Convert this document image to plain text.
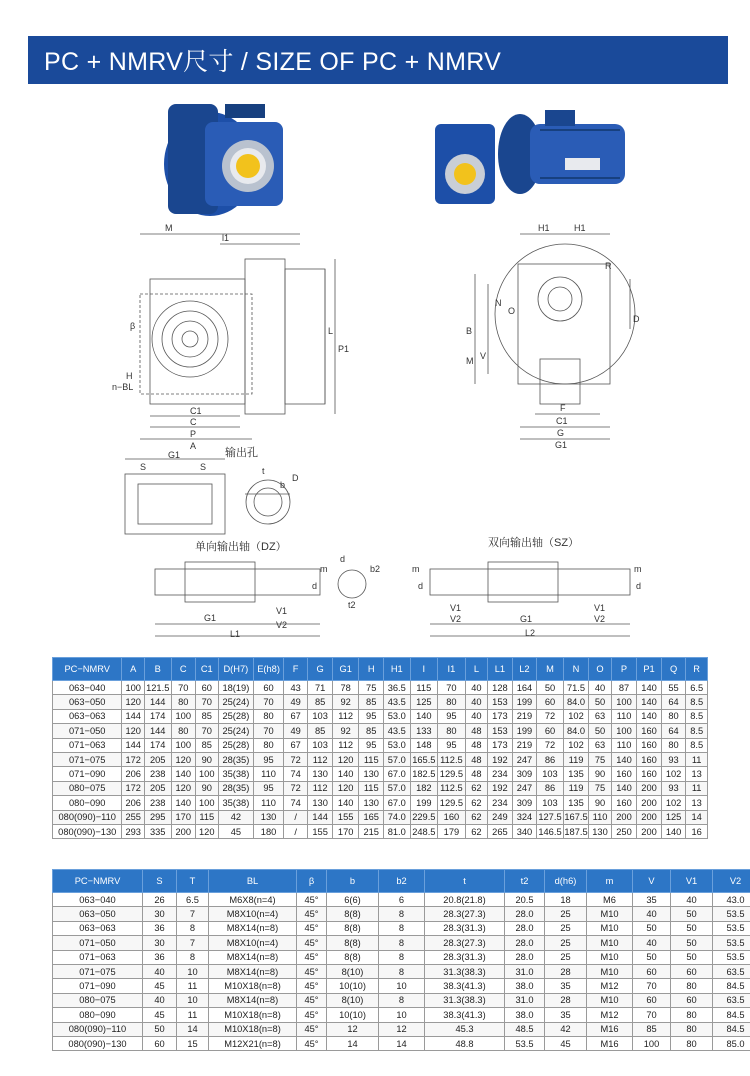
PC + NMRV尺寸 / SIZE OF PC + NMRV
M
l1
C1
C
P
A
L
P1
H
n−BL
β
H1	H1
R
N
O
B
M V
D
F
C1
G
G1
输出孔
G1
S	S	t
b
D
单向输出轴（DZ）
G1
V1
V2
L1
m
d
d
t2
b2
双向输出轴（SZ）
V1
V2	G1
V1
V2
L2
m	m
d	d
PC−NMRV	A	B	C	C1	D(H7)	E(h8)	F	G	G1	H	H1	I	I1	L	L1	L2	M	N	O	P	P1	Q	R
063−040	100	121.5	70	60	18(19)	60	43	71	78	75	36.5	115	70	40	128	164	50	71.5	40	87	140	55	6.5
063−050	120	144	80	70	25(24)	70	49	85	92	85	43.5	125	80	40	153	199	60	84.0	50	100	140	64	8.5
063−063	144	174	100	85	25(28)	80	67	103	112	95	53.0	140	95	40	173	219	72	102	63	110	140	80	8.5
071−050	120	144	80	70	25(24)	70	49	85	92	85	43.5	133	80	48	153	199	60	84.0	50	100	160	64	8.5
071−063	144	174	100	85	25(28)	80	67	103	112	95	53.0	148	95	48	173	219	72	102	63	110	160	80	8.5
071−075	172	205	120	90	28(35)	95	72	112	120	115	57.0	165.5	112.5	48	192	247	86	119	75	140	160	93	11
071−090	206	238	140	100	35(38)	110	74	130	140	130	67.0	182.5	129.5	48	234	309	103	135	90	160	160	102	13
080−075	172	205	120	90	28(35)	95	72	112	120	115	57.0	182	112.5	62	192	247	86	119	75	140	200	93	11
080−090	206	238	140	100	35(38)	110	74	130	140	130	67.0	199	129.5	62	234	309	103	135	90	160	200	102	13
080(090)−110	255	295	170	115	42	130	/	144	155	165	74.0	229.5	160	62	249	324	127.5	167.5	110	200	200	125	14
080(090)−130	293	335	200	120	45	180	/	155	170	215	81.0	248.5	179	62	265	340	146.5	187.5	130	250	200	140	16
PC−NMRV	S	T	BL	β	b	b2	t	t2	d(h6)	m	V	V1	V2
063−040	26	6.5	M6X8(n=4)	45°	6(6)	6	20.8(21.8)	20.5	18	M6	35	40	43.0
063−050	30	7	M8X10(n=4)	45°	8(8)	8	28.3(27.3)	28.0	25	M10	40	50	53.5
063−063	36	8	M8X14(n=8)	45°	8(8)	8	28.3(31.3)	28.0	25	M10	50	50	53.5
071−050	30	7	M8X10(n=4)	45°	8(8)	8	28.3(27.3)	28.0	25	M10	40	50	53.5
071−063	36	8	M8X14(n=8)	45°	8(8)	8	28.3(31.3)	28.0	25	M10	50	50	53.5
071−075	40	10	M8X14(n=8)	45°	8(10)	8	31.3(38.3)	31.0	28	M10	60	60	63.5
071−090	45	11	M10X18(n=8)	45°	10(10)	10	38.3(41.3)	38.0	35	M12	70	80	84.5
080−075	40	10	M8X14(n=8)	45°	8(10)	8	31.3(38.3)	31.0	28	M10	60	60	63.5
080−090	45	11	M10X18(n=8)	45°	10(10)	10	38.3(41.3)	38.0	35	M12	70	80	84.5
080(090)−110	50	14	M10X18(n=8)	45°	12	12	45.3	48.5	42	M16	85	80	84.5
080(090)−130	60	15	M12X21(n=8)	45°	14	14	48.8	53.5	45	M16	100	80	85.0
